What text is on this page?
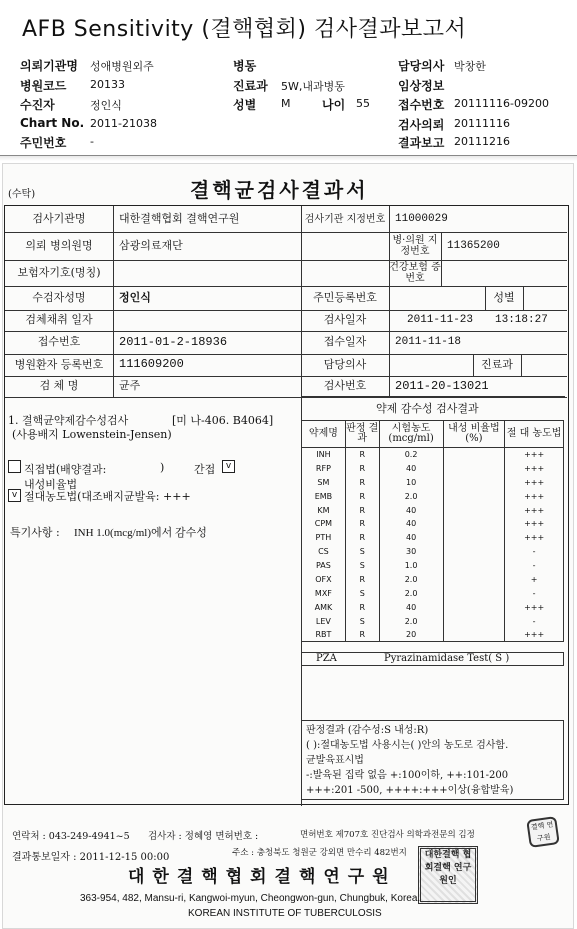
AFB Sensitivity (결핵협회) 검사결과보고서
의뢰기관명 성애병원외주	병동	담당의사 박창한
병원코드 20133	진료과 5W,내과병동	임상정보
수진자	정인식	성별 M	나이 55 접수번호 20111116-09200
Chart No. 2011-21038	검사의뢰 20111116
주민번호 -	결과보고 20111216
(수탁)	결핵균검사결과서
검사기관명	대한결핵협회 결핵연구원	검사기관 지정번호 11000029
의뢰 병의원명	삼광의료재단	병·의원 지정번호	11365200
보험자기호(명칭)	건강보험 증 번호
수검자성명	정인식	주민등록번호	성별
검체채취 일자	검사일자	2011-11-23	13:18:27
접수번호	2011-01-2-18936	접수일자	2011-11-18
병원환자 등록번호	111609200	담당의사	진료과
검 체 명	균주	검사번호	2011-20-13021
1. 결핵균약제감수성검사	[미 나-406. B4064]
(사용배지 Lowenstein-Jensen)
직접법(배양결과:	)	간접	v
내성비율법
v 절대농도법(대조배지균발육: +++
특기사항 : INH 1.0(mcg/ml)에서 감수성
약제 감수성 검사결과
약제명	판정 결과	시험농도 (mcg/ml)	내성 비율법(%)	절 대 농도법
INH	R	0.2		+++
RFP	R	40		+++
SM	R	10		+++
EMB	R	2.0		+++
KM	R	40		+++
CPM	R	40		+++
PTH	R	40		+++
CS	S	30		-
PAS	S	1.0		-
OFX	R	2.0		+
MXF	S	2.0		-
AMK	R	40		+++
LEV	S	2.0		-
RBT	R	20		+++
PZA	Pyrazinamidase Test( S )
판정결과 (감수성:S 내성:R)
( ):절대농도법 사용시는( )안의 농도로 검사함.
균발육표시법
-:발육된 집락 없음 +:100이하, ++:101-200
+++:201 -500, ++++:+++이상(융합발육)
연락처 : 043-249-4941~5 검사자 : 정혜영 면허번호 :	면허번호 제707호 진단검사 의학과전문의 김정
결핵 연구원
결과통보일자 : 2011-12-15 00:00	주소 : 충청북도 청원군 강외면 만수리 482번지
대한결핵협회결핵연구원
대한결핵 협회결핵 연구원인
363-954, 482, Mansu-ri, Kangwoi-myun, Cheongwon-gun, Chungbuk, Korea.
KOREAN INSTITUTE OF TUBERCULOSIS
